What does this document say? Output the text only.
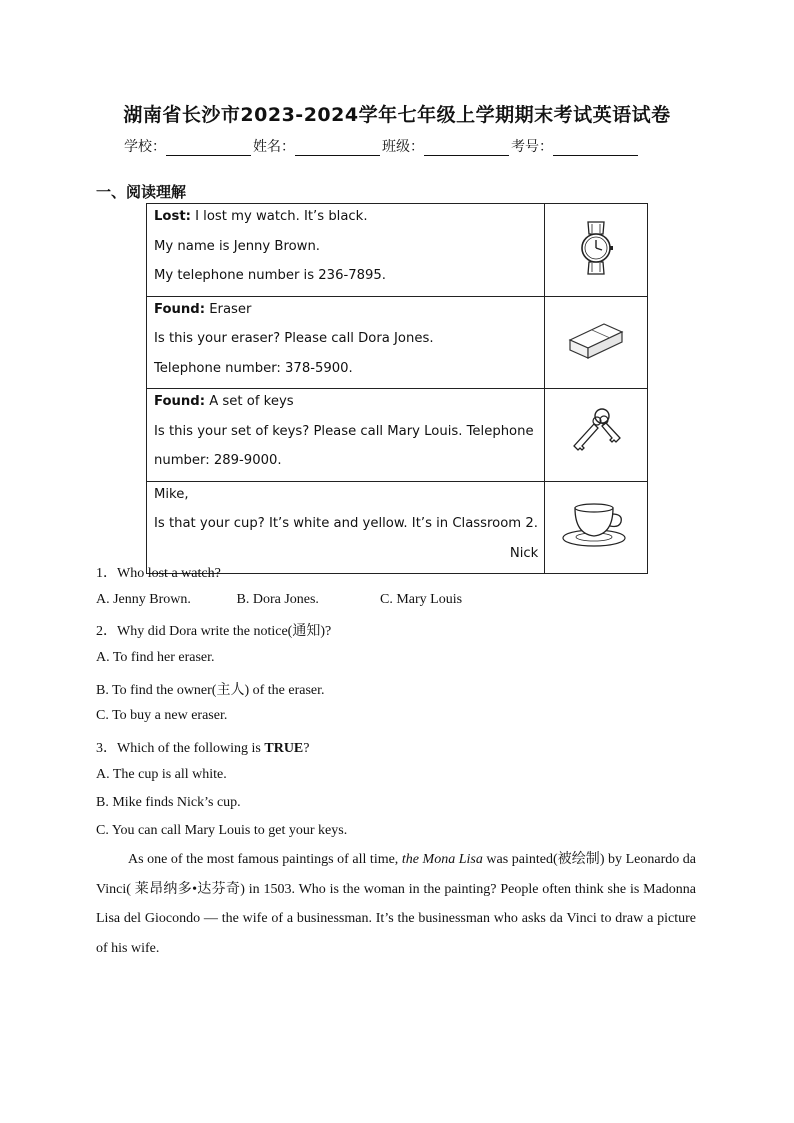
湖南省长沙市2023-2024学年七年级上学期期末考试英语试卷
学校：	姓名：	班级：	考号：
一、阅读理解
Lost: I lost my watch. It’s black.
My name is Jenny Brown.
My telephone number is 236-7895.

Found: Eraser
Is this your eraser? Please call Dora Jones.
Telephone number: 378-5900.

Found: A set of keys
Is this your set of keys? Please call Mary Louis. Telephone
number: 289-9000.

Mike,
Is that your cup? It’s white and yellow. It’s in Classroom 2.
Nick

1．Who lost a watch?
A. Jenny Brown.	B. Dora Jones.	C. Mary Louis
2．Why did Dora write the notice(通知)?
A. To find her eraser.
B. To find the owner(主人) of the eraser.
C. To buy a new eraser.
3．Which of the following is TRUE?
A. The cup is all white.
B. Mike finds Nick’s cup.
C. You can call Mary Louis to get your keys.
As one of the most famous paintings of all time, the Mona Lisa was painted(被绘制) by Leonardo da Vinci( 莱昂纳多•达芬奇) in 1503. Who is the woman in the painting? People often think she is Madonna Lisa del Giocondo — the wife of a businessman. It’s the businessman who asks da Vinci to draw a picture of his wife.
